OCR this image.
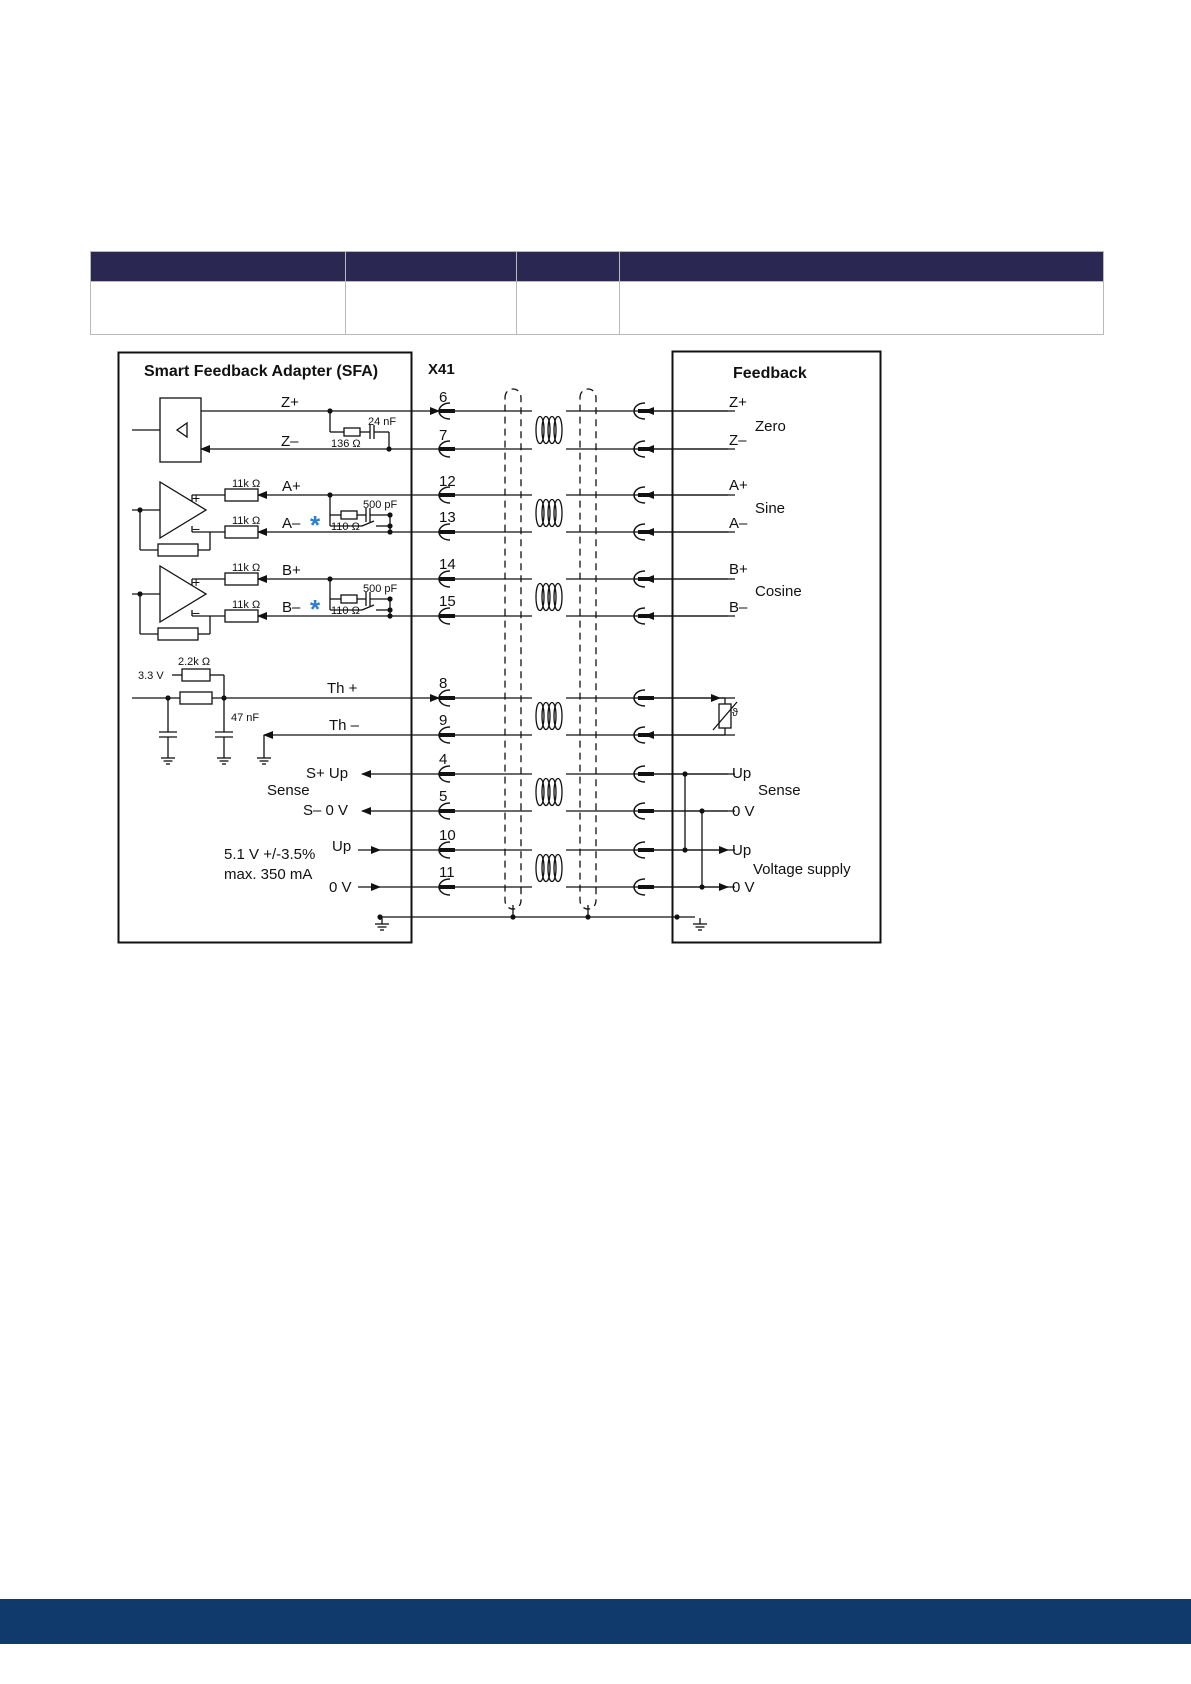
Smart Feedback Adapter (SFA)	X41	Feedback
6
7
12
13
14
15
8
9
4
5
10
11
+
−
+
−
Z+
Z–
A+
A–
B+
B–
Th +
Th –
S+ Up
Sense
S– 0 V
Up
0 V
5.1 V +/-3.5%
max. 350 mA
24 nF
136 Ω
11k Ω
11k Ω
11k Ω
11k Ω
500 pF
110 Ω
500 pF
110 Ω
2.2k Ω
3.3 V
47 nF
*
*
ϑ
Z+
Z–
Zero
A+
A–
Sine
B+
B–
Cosine
Up
Sense
0 V
Up
Voltage supply
0 V
